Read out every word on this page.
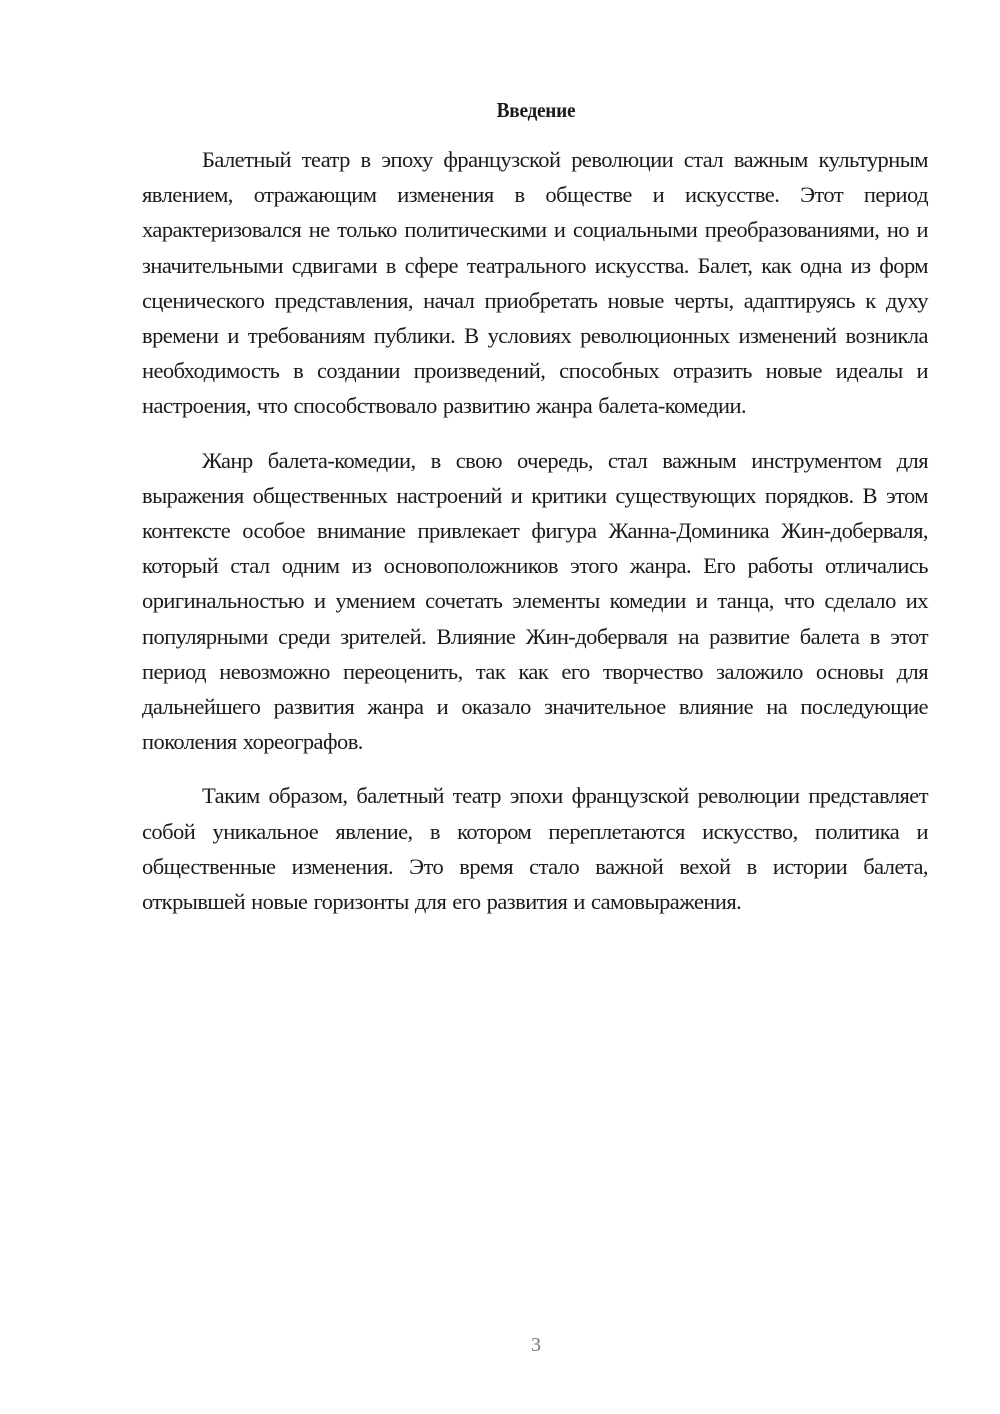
Введение

Балетный театр в эпоху французской революции стал важным культурным явлением, отражающим изменения в обществе и искусстве. Этот период характеризовался не только политическими и социальными преобразованиями, но и значительными сдвигами в сфере театрального искусства. Балет, как одна из форм сценического представления, начал приобретать новые черты, адаптируясь к духу времени и требованиям публики. В условиях революционных изменений возникла необходимость в создании произведений, способных отразить новые идеалы и настроения, что способствовало развитию жанра балета-комедии.

Жанр балета-комедии, в свою очередь, стал важным инструментом для выражения общественных настроений и критики существующих порядков. В этом контексте особое внимание привлекает фигура Жанна-Доминика Жин-доберваля, который стал одним из основоположников этого жанра. Его работы отличались оригинальностью и умением сочетать элементы комедии и танца, что сделало их популярными среди зрителей. Влияние Жин-доберваля на развитие балета в этот период невозможно переоценить, так как его творчество заложило основы для дальнейшего развития жанра и оказало значительное влияние на последующие поколения хореографов.

Таким образом, балетный театр эпохи французской революции представляет собой уникальное явление, в котором переплетаются искусство, политика и общественные изменения. Это время стало важной вехой в истории балета, открывшей новые горизонты для его развития и самовыражения.

3
